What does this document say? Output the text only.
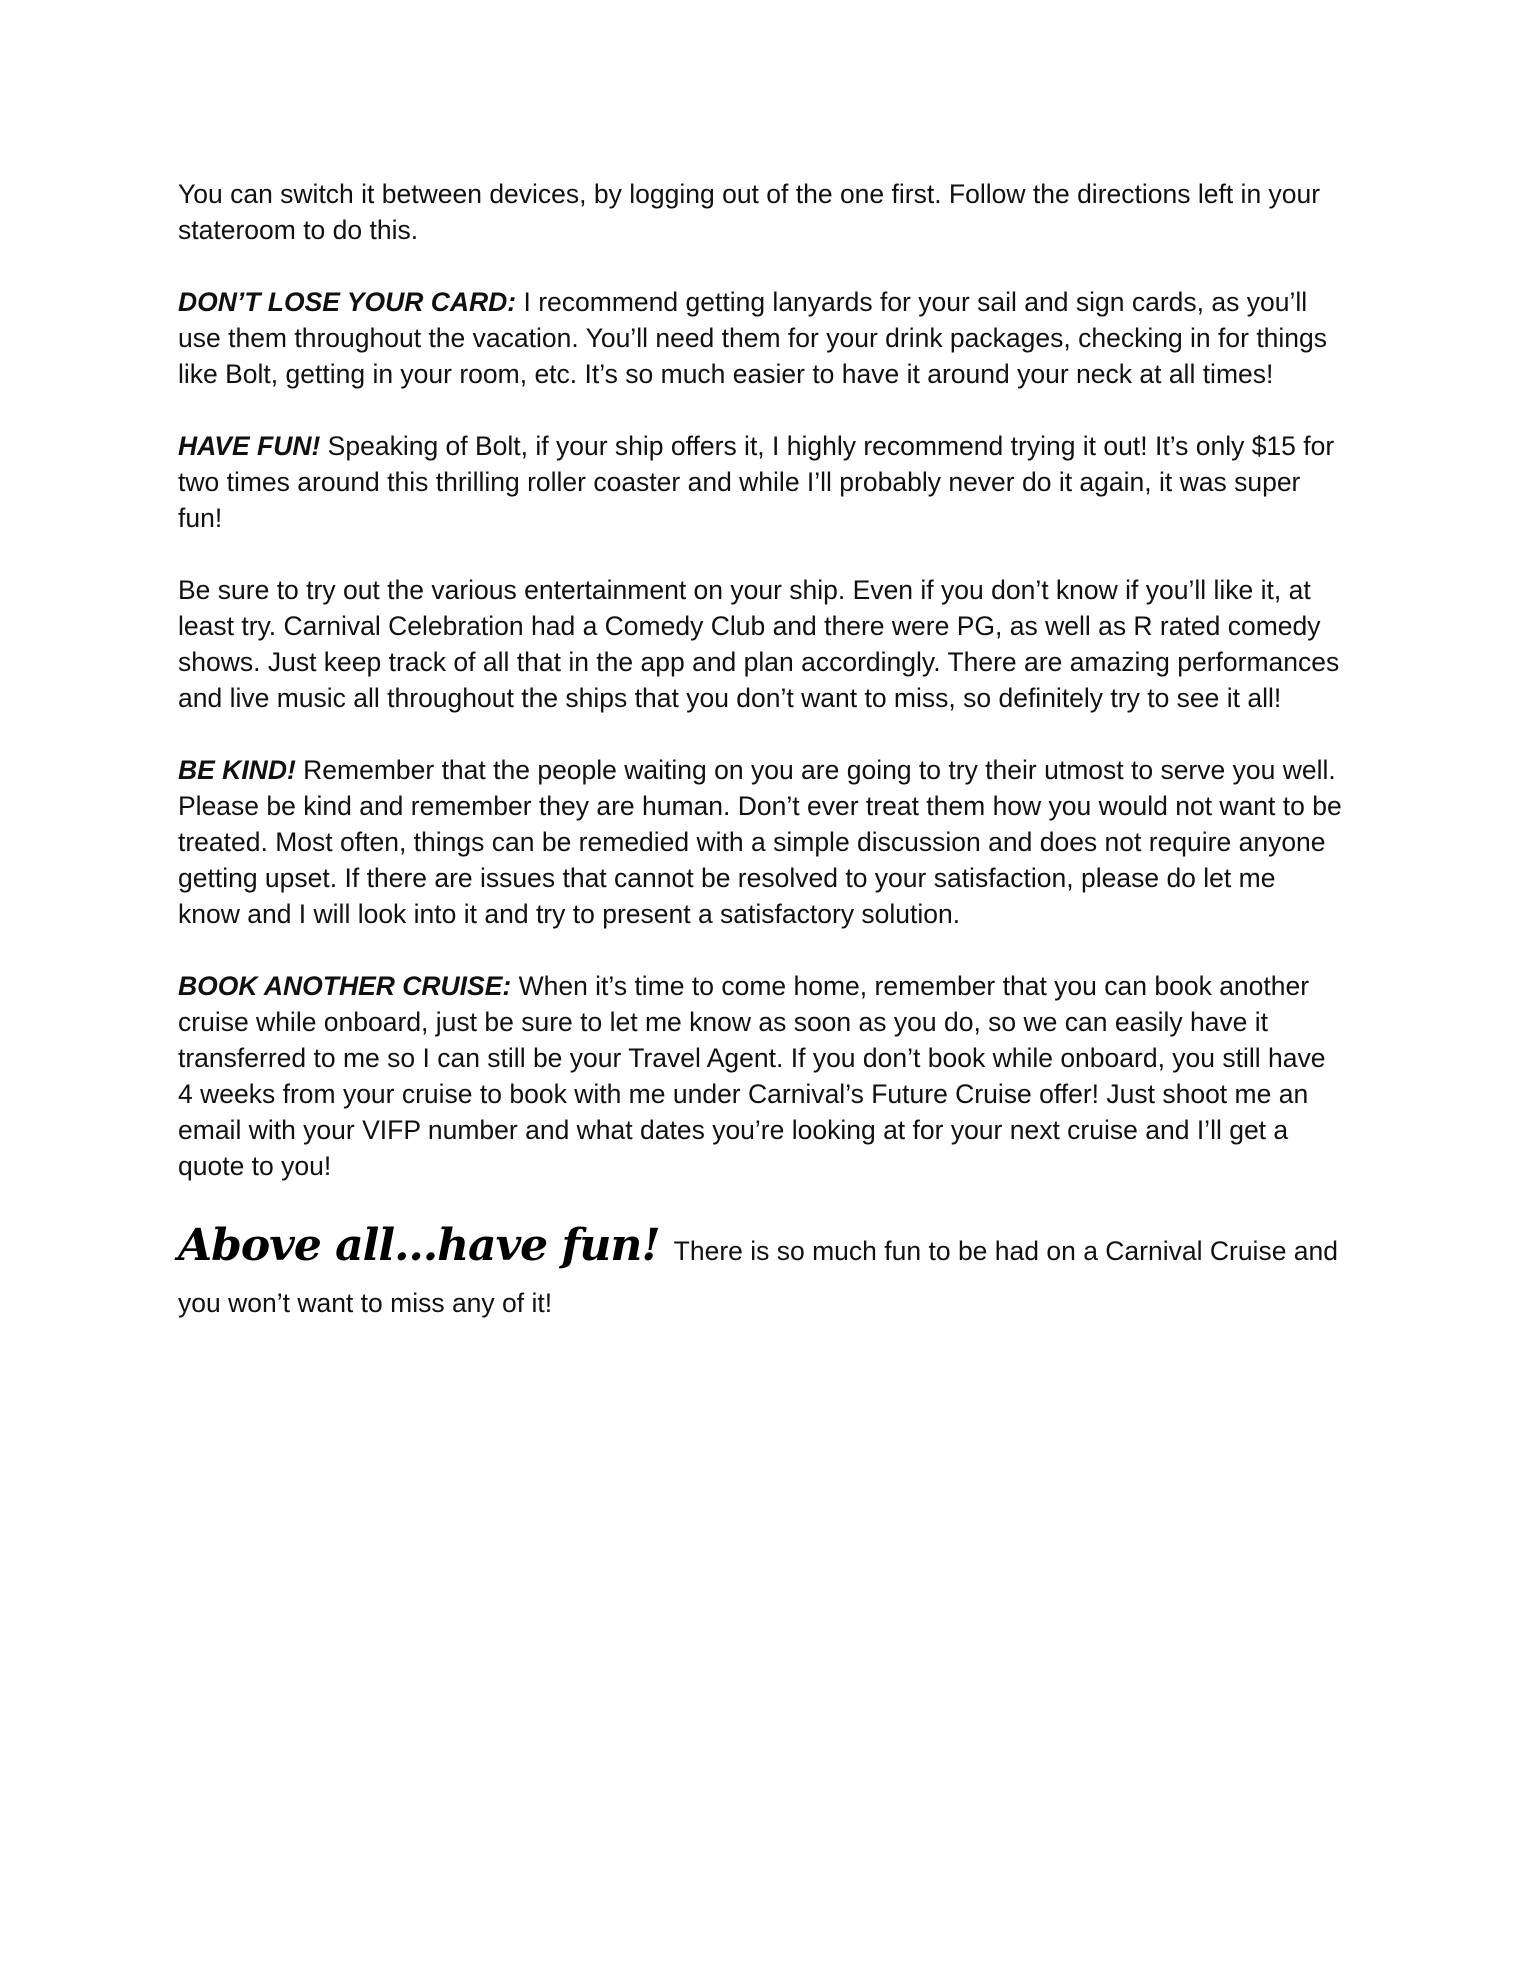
You can switch it between devices, by logging out of the one first. Follow the directions left in your stateroom to do this.

DON’T LOSE YOUR CARD: I recommend getting lanyards for your sail and sign cards, as you’ll use them throughout the vacation. You’ll need them for your drink packages, checking in for things like Bolt, getting in your room, etc. It’s so much easier to have it around your neck at all times!

HAVE FUN! Speaking of Bolt, if your ship offers it, I highly recommend trying it out! It’s only $15 for two times around this thrilling roller coaster and while I’ll probably never do it again, it was super fun!

Be sure to try out the various entertainment on your ship. Even if you don’t know if you’ll like it, at least try. Carnival Celebration had a Comedy Club and there were PG, as well as R rated comedy shows. Just keep track of all that in the app and plan accordingly. There are amazing performances and live music all throughout the ships that you don’t want to miss, so definitely try to see it all!

BE KIND! Remember that the people waiting on you are going to try their utmost to serve you well. Please be kind and remember they are human. Don’t ever treat them how you would not want to be treated. Most often, things can be remedied with a simple discussion and does not require anyone getting upset. If there are issues that cannot be resolved to your satisfaction, please do let me know and I will look into it and try to present a satisfactory solution.

BOOK ANOTHER CRUISE: When it’s time to come home, remember that you can book another cruise while onboard, just be sure to let me know as soon as you do, so we can easily have it transferred to me so I can still be your Travel Agent. If you don’t book while onboard, you still have 4 weeks from your cruise to book with me under Carnival’s Future Cruise offer! Just shoot me an email with your VIFP number and what dates you’re looking at for your next cruise and I’ll get a quote to you!

Above all…have fun! There is so much fun to be had on a Carnival Cruise and you won’t want to miss any of it!
